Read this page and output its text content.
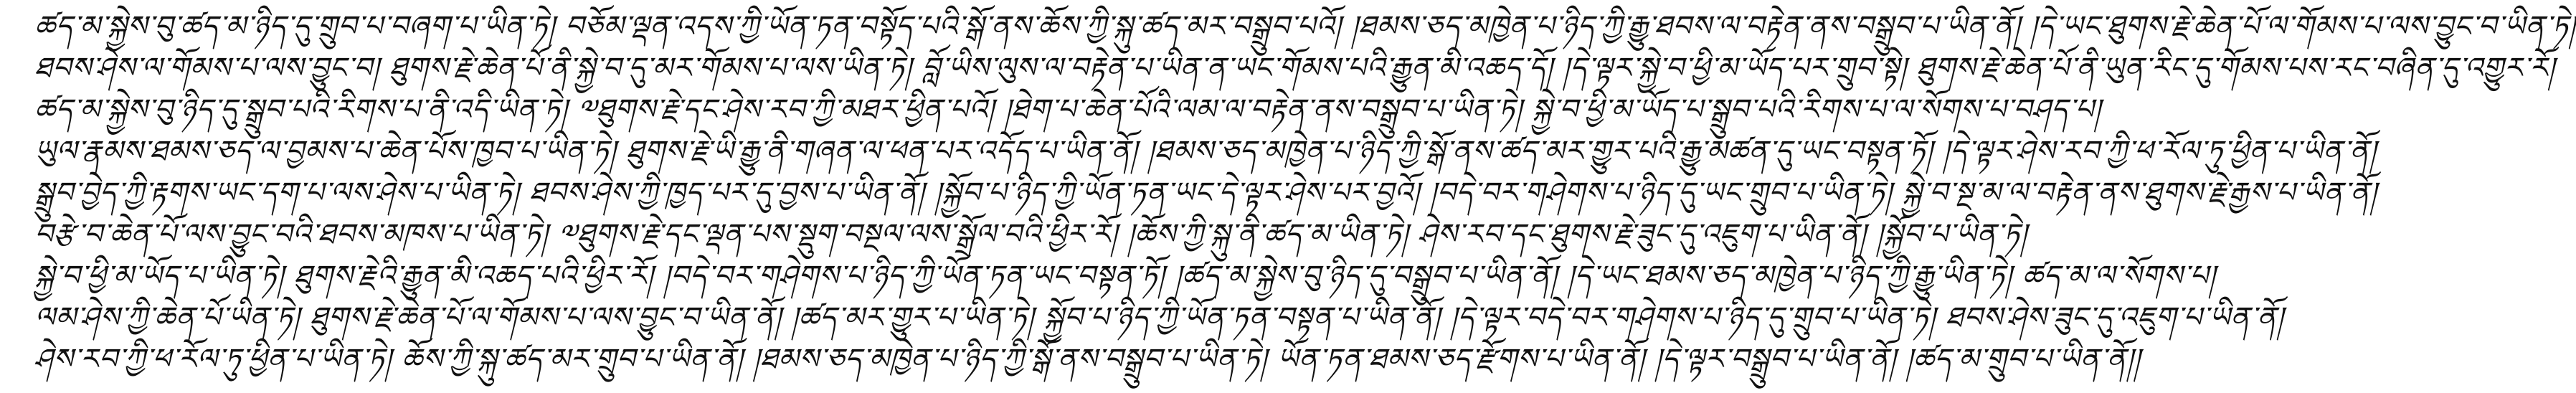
ཚད་མ་སྐྱེས་བུ་ཚད་མ་ཉིད་དུ་གྲུབ་པ་བཞག་པ་ཡིན་ཏེ། བཅོམ་ལྡན་འདས་ཀྱི་ཡོན་ཏན་བསྟོད་པའི་སྒོ་ནས་ཆོས་ཀྱི་སྐུ་ཚད་མར་བསྒྲུབ་པའོ། །ཐམས་ཅད་མཁྱེན་པ་ཉིད་ཀྱི་རྒྱུ་ཐབས་ལ་བརྟེན་ནས་བསྒྲུབ་པ་ཡིན་ནོ། །དེ་ཡང་ཐུགས་རྗེ་ཆེན་པོ་ལ་གོམས་པ་ལས་བྱུང་བ་ཡིན་ཏེ།
ཐབས་ཤེས་ལ་གོམས་པ་ལས་བྱུང་བ། ཐུགས་རྗེ་ཆེན་པོ་ནི་སྐྱེ་བ་དུ་མར་གོམས་པ་ལས་ཡིན་ཏེ། བློ་ཡིས་ལུས་ལ་བརྟེན་པ་ཡིན་ན་ཡང་གོམས་པའི་རྒྱུན་མི་འཆད་དོ། །དེ་ལྟར་སྐྱེ་བ་ཕྱི་མ་ཡོད་པར་གྲུབ་སྟེ། ཐུགས་རྗེ་ཆེན་པོ་ནི་ཡུན་རིང་དུ་གོམས་པས་རང་བཞིན་དུ་འགྱུར་རོ།
ཚད་མ་སྐྱེས་བུ་ཉིད་དུ་སྒྲུབ་པའི་རིགས་པ་ནི་འདི་ཡིན་ཏེ། ༧ཐུགས་རྗེ་དང་ཤེས་རབ་ཀྱི་མཐར་ཕྱིན་པའོ། །ཐེག་པ་ཆེན་པོའི་ལམ་ལ་བརྟེན་ནས་བསྒྲུབ་པ་ཡིན་ཏེ། སྐྱེ་བ་ཕྱི་མ་ཡོད་པ་སྒྲུབ་པའི་རིགས་པ་ལ་སོགས་པ་བཤད་པ།
ཡུལ་རྣམས་ཐམས་ཅད་ལ་བྱམས་པ་ཆེན་པོས་ཁྱབ་པ་ཡིན་ཏེ། ཐུགས་རྗེ་ཡི་རྒྱུ་ནི་གཞན་ལ་ཕན་པར་འདོད་པ་ཡིན་ནོ། །ཐམས་ཅད་མཁྱེན་པ་ཉིད་ཀྱི་སྒོ་ནས་ཚད་མར་གྱུར་པའི་རྒྱུ་མཚན་དུ་ཡང་བསྟན་ཏོ། །དེ་ལྟར་ཤེས་རབ་ཀྱི་ཕ་རོལ་ཏུ་ཕྱིན་པ་ཡིན་ནོ།
སྒྲུབ་བྱེད་ཀྱི་རྟགས་ཡང་དག་པ་ལས་ཤེས་པ་ཡིན་ཏེ། ཐབས་ཤེས་ཀྱི་ཁྱད་པར་དུ་བྱས་པ་ཡིན་ནོ། །སྐྱོབ་པ་ཉིད་ཀྱི་ཡོན་ཏན་ཡང་དེ་ལྟར་ཤེས་པར་བྱའོ། །བདེ་བར་གཤེགས་པ་ཉིད་དུ་ཡང་གྲུབ་པ་ཡིན་ཏེ། སྐྱེ་བ་སྔ་མ་ལ་བརྟེན་ནས་ཐུགས་རྗེ་རྒྱས་པ་ཡིན་ནོ།
བརྩེ་བ་ཆེན་པོ་ལས་བྱུང་བའི་ཐབས་མཁས་པ་ཡིན་ཏེ། ༧ཐུགས་རྗེ་དང་ལྡན་པས་སྡུག་བསྔལ་ལས་སྒྲོལ་བའི་ཕྱིར་རོ། །ཆོས་ཀྱི་སྐུ་ནི་ཚད་མ་ཡིན་ཏེ། ཤེས་རབ་དང་ཐུགས་རྗེ་ཟུང་དུ་འཇུག་པ་ཡིན་ནོ། །སྐྱོབ་པ་ཡིན་ཏེ།
སྐྱེ་བ་ཕྱི་མ་ཡོད་པ་ཡིན་ཏེ། ཐུགས་རྗེའི་རྒྱུན་མི་འཆད་པའི་ཕྱིར་རོ། །བདེ་བར་གཤེགས་པ་ཉིད་ཀྱི་ཡོན་ཏན་ཡང་བསྟན་ཏོ། །ཚད་མ་སྐྱེས་བུ་ཉིད་དུ་བསྒྲུབ་པ་ཡིན་ནོ། །དེ་ཡང་ཐམས་ཅད་མཁྱེན་པ་ཉིད་ཀྱི་རྒྱུ་ཡིན་ཏེ། ཚད་མ་ལ་སོགས་པ།
ལམ་ཤེས་ཀྱི་ཆེན་པོ་ཡིན་ཏེ། ཐུགས་རྗེ་ཆེན་པོ་ལ་གོམས་པ་ལས་བྱུང་བ་ཡིན་ནོ། །ཚད་མར་གྱུར་པ་ཡིན་ཏེ། སྐྱོབ་པ་ཉིད་ཀྱི་ཡོན་ཏན་བསྟན་པ་ཡིན་ནོ། །དེ་ལྟར་བདེ་བར་གཤེགས་པ་ཉིད་དུ་གྲུབ་པ་ཡིན་ཏེ། ཐབས་ཤེས་ཟུང་དུ་འཇུག་པ་ཡིན་ནོ།
ཤེས་རབ་ཀྱི་ཕ་རོལ་ཏུ་ཕྱིན་པ་ཡིན་ཏེ། ཆོས་ཀྱི་སྐུ་ཚད་མར་གྲུབ་པ་ཡིན་ནོ། །ཐམས་ཅད་མཁྱེན་པ་ཉིད་ཀྱི་སྒོ་ནས་བསྒྲུབ་པ་ཡིན་ཏེ། ཡོན་ཏན་ཐམས་ཅད་རྫོགས་པ་ཡིན་ནོ། །དེ་ལྟར་བསྒྲུབ་པ་ཡིན་ནོ། །ཚད་མ་གྲུབ་པ་ཡིན་ནོ།།
